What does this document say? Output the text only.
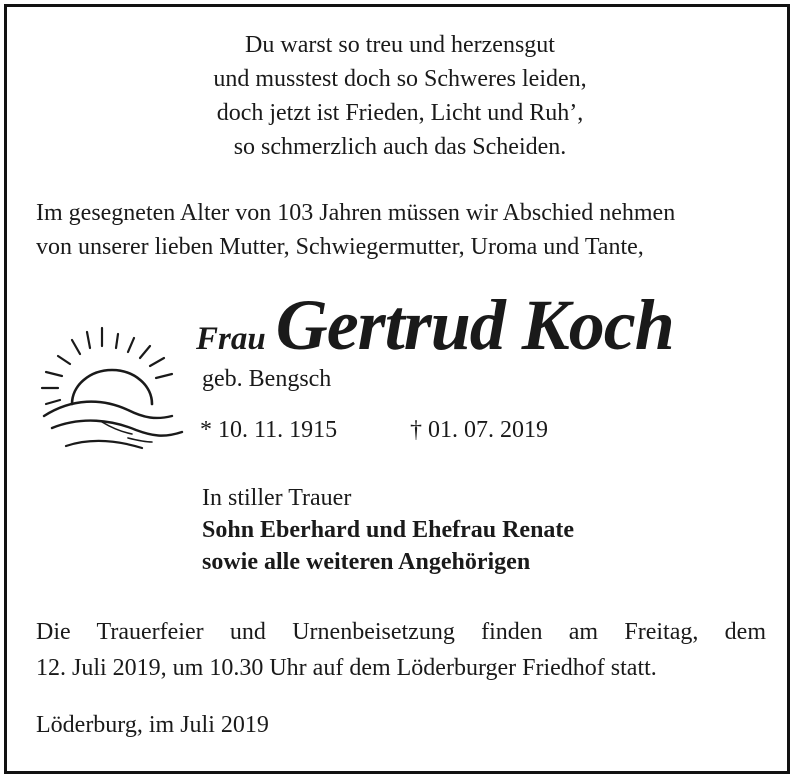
Du warst so treu und herzensgut
und musstest doch so Schweres leiden,
doch jetzt ist Frieden, Licht und Ruh’,
so schmerzlich auch das Scheiden.
Im gesegneten Alter von 103 Jahren müssen wir Abschied nehmen
von unserer lieben Mutter, Schwiegermutter, Uroma und Tante,
Frau Gertrud Koch
geb. Bengsch
* 10. 11. 1915	† 01. 07. 2019
In stiller Trauer
Sohn Eberhard und Ehefrau Renate
sowie alle weiteren Angehörigen
Die Trauerfeier und Urnenbeisetzung finden am Freitag, dem
12. Juli 2019, um 10.30 Uhr auf dem Löderburger Friedhof statt.
Löderburg, im Juli 2019
